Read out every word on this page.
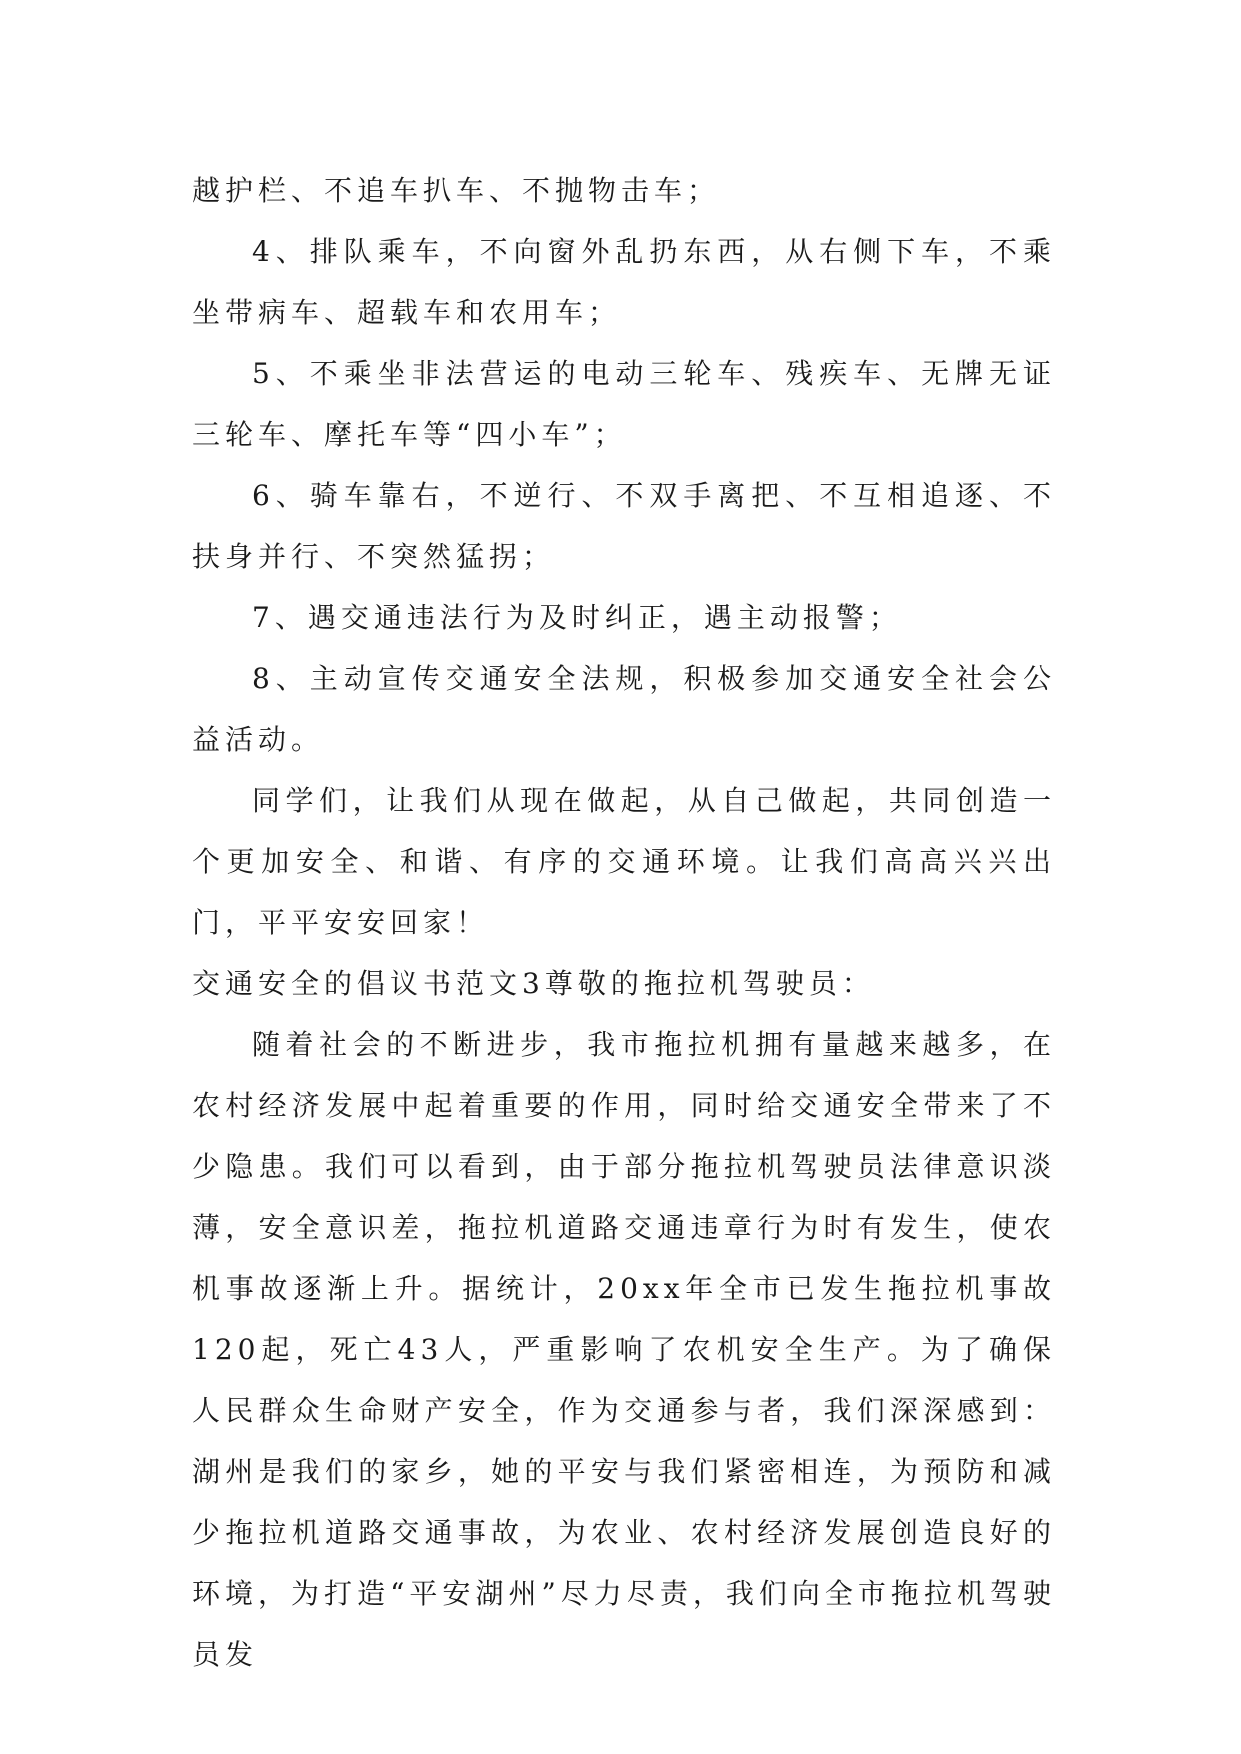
越护栏、不追车扒车、不抛物击车；

4、排队乘车，不向窗外乱扔东西，从右侧下车，不乘坐带病车、超载车和农用车；

5、不乘坐非法营运的电动三轮车、残疾车、无牌无证三轮车、摩托车等“四小车”；

6、骑车靠右，不逆行、不双手离把、不互相追逐、不扶身并行、不突然猛拐；

7、遇交通违法行为及时纠正，遇主动报警；

8、主动宣传交通安全法规，积极参加交通安全社会公益活动。

同学们，让我们从现在做起，从自己做起，共同创造一个更加安全、和谐、有序的交通环境。让我们高高兴兴出门，平平安安回家！

交通安全的倡议书范文3尊敬的拖拉机驾驶员：

随着社会的不断进步，我市拖拉机拥有量越来越多，在农村经济发展中起着重要的作用，同时给交通安全带来了不少隐患。我们可以看到，由于部分拖拉机驾驶员法律意识淡薄，安全意识差，拖拉机道路交通违章行为时有发生，使农机事故逐渐上升。据统计，20xx年全市已发生拖拉机事故120起，死亡43人，严重影响了农机安全生产。为了确保人民群众生命财产安全，作为交通参与者，我们深深感到：湖州是我们的家乡，她的平安与我们紧密相连，为预防和减少拖拉机道路交通事故，为农业、农村经济发展创造良好的环境，为打造“平安湖州”尽力尽责，我们向全市拖拉机驾驶员发
